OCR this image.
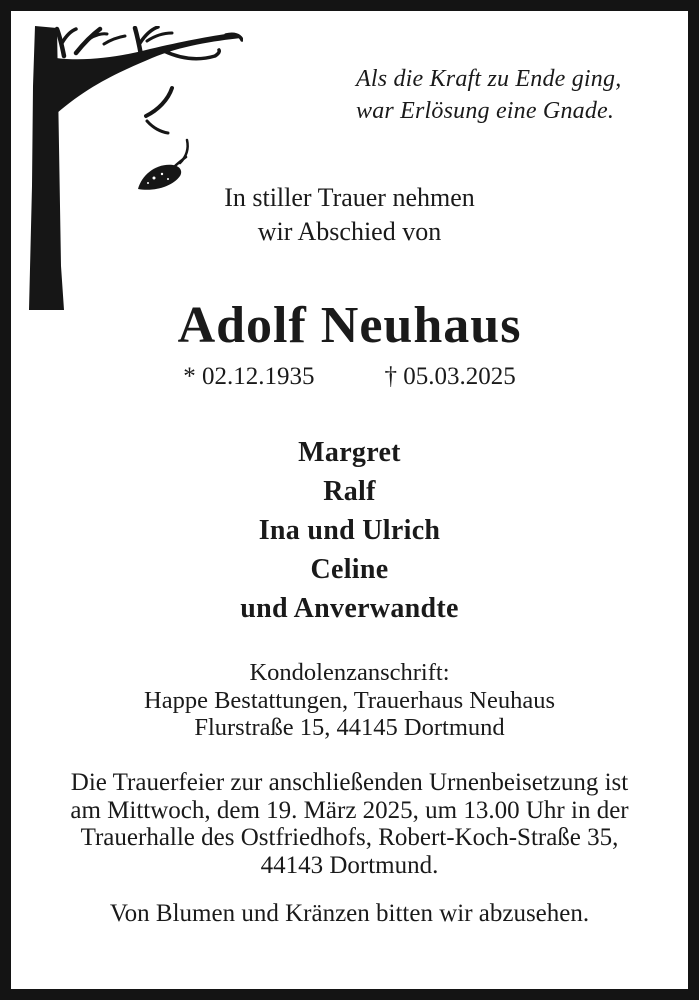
Als die Kraft zu Ende ging,
war Erlösung eine Gnade.
In stiller Trauer nehmen
wir Abschied von
Adolf Neuhaus
* 02.12.1935	† 05.03.2025
Margret
Ralf
Ina und Ulrich
Celine
und Anverwandte
Kondolenzanschrift:
Happe Bestattungen, Trauerhaus Neuhaus
Flurstraße 15, 44145 Dortmund
Die Trauerfeier zur anschließenden Urnenbeisetzung ist
am Mittwoch, dem 19. März 2025, um 13.00 Uhr in der
Trauerhalle des Ostfriedhofs, Robert-Koch-Straße 35,
44143 Dortmund.
Von Blumen und Kränzen bitten wir abzusehen.
